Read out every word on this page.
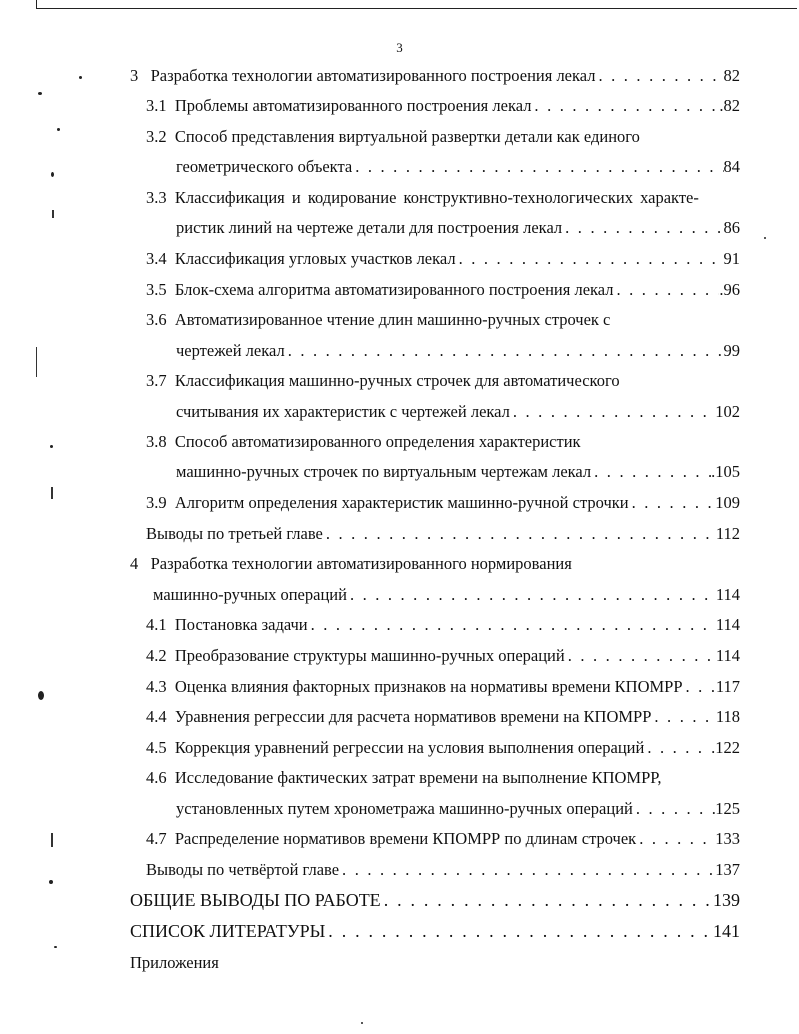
3
3 Разработка технологии автоматизированного построения лекал . . .	82
3.1 Проблемы автоматизированного построения лекал . . .	.82
3.2 Способ представления виртуальной развертки детали как единого
геометрического объекта . . .	84
3.3 Классификация и кодирование конструктивно-технологических характе-
ристик линий на чертеже детали для построения лекал . . .	86
3.4 Классификация угловых участков лекал . . .	91
3.5 Блок-схема алгоритма автоматизированного построения лекал . . .	.96
3.6 Автоматизированное чтение длин машинно-ручных строчек с
чертежей лекал . . .	99
3.7 Классификация машинно-ручных строчек для автоматического
считывания их характеристик с чертежей лекал . . .	102
3.8 Способ автоматизированного определения характеристик
машинно-ручных строчек по виртуальным чертежам лекал . . .	.105
3.9 Алгоритм определения характеристик машинно-ручной строчки . . .	109
Выводы по третьей главе . . .	112
4 Разработка технологии автоматизированного нормирования
машинно-ручных операций . . .	114
4.1 Постановка задачи . . .	114
4.2 Преобразование структуры машинно-ручных операций . . .	114
4.3 Оценка влияния факторных признаков на нормативы времени КПОМРР . . . 117
4.4 Уравнения регрессии для расчета нормативов времени на КПОМРР . . .	118
4.5 Коррекция уравнений регрессии на условия выполнения операций . . .	.122
4.6 Исследование фактических затрат времени на выполнение КПОМРР,
установленных путем хронометража машинно-ручных операций . . .	125
4.7 Распределение нормативов времени КПОМРР по длинам строчек . . .	133
Выводы по четвёртой главе . . .	137
ОБЩИЕ ВЫВОДЫ ПО РАБОТЕ . . .	139
СПИСОК ЛИТЕРАТУРЫ . . .	141
Приложения
